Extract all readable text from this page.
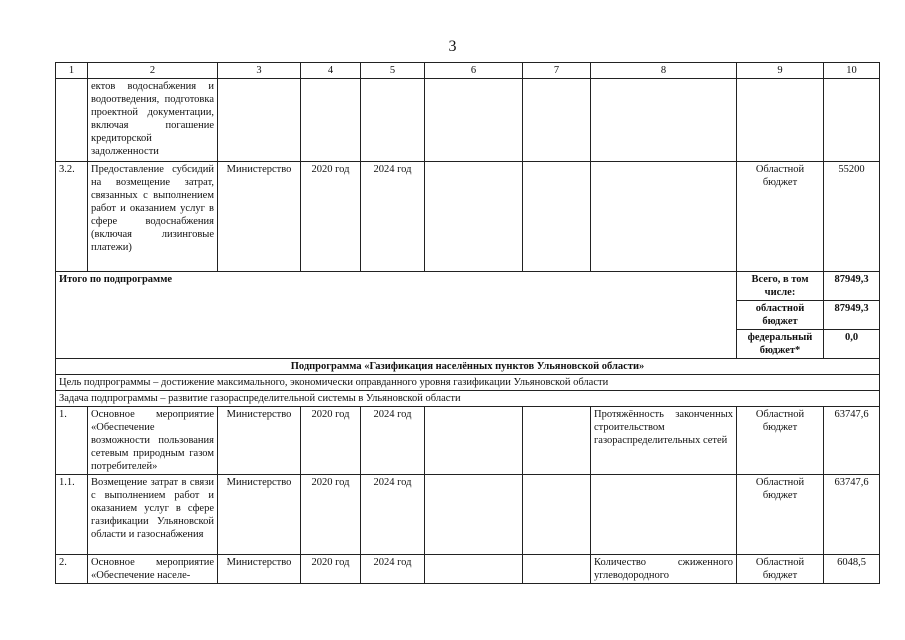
3
1	2	3	4	5	6	7	8	9	10
	ектов водоснабжения и водоотведения, подготовка проектной документации, включая погашение кредиторской задолженности								
3.2.	Предоставление субсидий на возмещение затрат, связанных с выполнением работ и оказанием услуг в сфере водоснабжения (включая лизинговые платежи)	Министерство	2020 год	2024 год				Областной бюджет	55200
Итого по подпрограмме								Всего, в том числе:	87949,3
								областной бюджет	87949,3
								федеральный бюджет*	0,0
Подпрограмма «Газификация населённых пунктов Ульяновской области»									
Цель подпрограммы – достижение максимального, экономически оправданного уровня газификации Ульяновской области									
Задача подпрограммы – развитие газораспределительной системы в Ульяновской области									
1.	Основное мероприятие «Обеспечение возможности пользования сетевым природным газом потребителей»	Министерство	2020 год	2024 год			Протяжённость законченных строительством газораспределительных сетей	Областной бюджет	63747,6
1.1.	Возмещение затрат в связи с выполнением работ и оказанием услуг в сфере газификации Ульяновской области и газоснабжения	Министерство	2020 год	2024 год				Областной бюджет	63747,6
2.	Основное мероприятие «Обеспечение населе-	Министерство	2020 год	2024 год			Количество сжиженного углеводородного	Областной бюджет	6048,5
